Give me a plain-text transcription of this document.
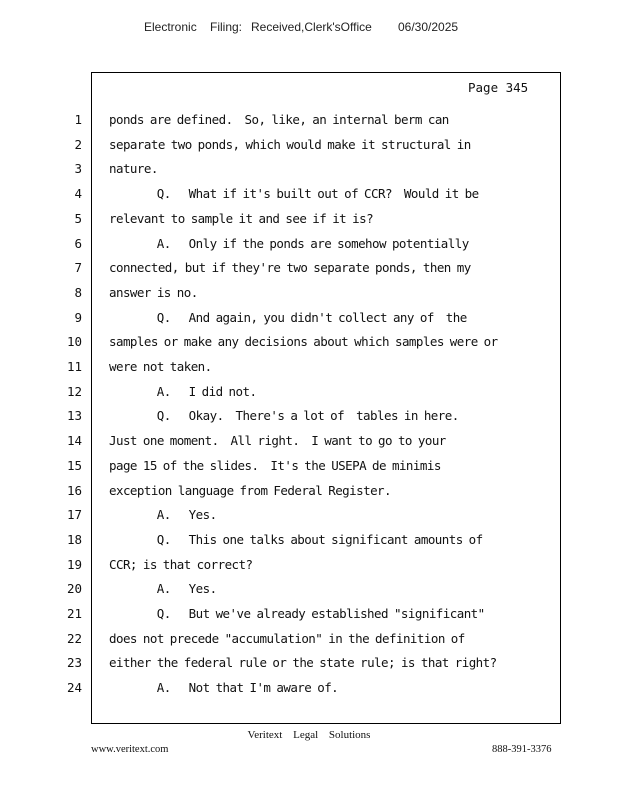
Electronic Filing: Received,Clerk'sOffice 06/30/2025
Page 345
1 ponds are defined.  So, like, an internal berm can
2 separate two ponds, which would make it structural in
3 nature.
4 Q.   What if it's built out of CCR?  Would it be
5 relevant to sample it and see if it is?
6 A.   Only if the ponds are somehow potentially
7 connected, but if they're two separate ponds, then my
8 answer is no.
9 Q.   And again, you didn't collect any of  the
10 samples or make any decisions about which samples were or
11 were not taken.
12 A.   I did not.
13 Q.   Okay.  There's a lot of  tables in here.
14 Just one moment.  All right.  I want to go to your
15 page 15 of the slides.  It's the USEPA de minimis
16 exception language from Federal Register.
17 A.   Yes.
18 Q.   This one talks about significant amounts of
19 CCR; is that correct?
20 A.   Yes.
21 Q.   But we've already established "significant"
22 does not precede "accumulation" in the definition of
23 either the federal rule or the state rule; is that right?
24 A.   Not that I'm aware of.
Veritext Legal Solutions
www.veritext.com	888-391-3376
